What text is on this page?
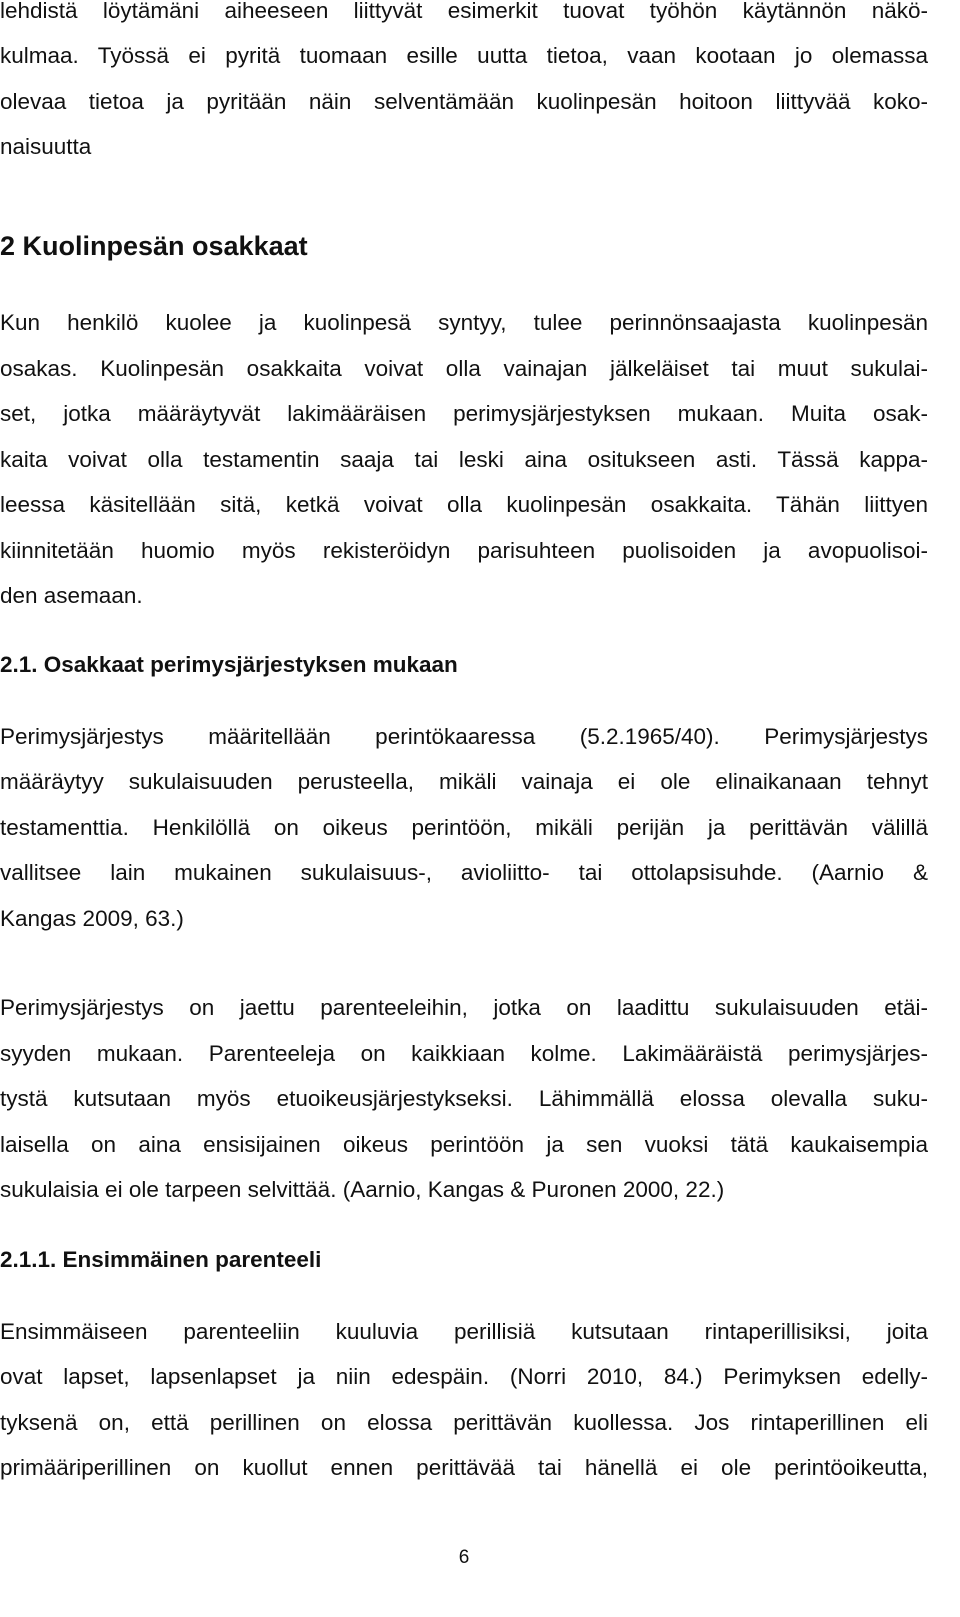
lehdistä löytämäni aiheeseen liittyvät esimerkit tuovat työhön käytännön näkö-
kulmaa. Työssä ei pyritä tuomaan esille uutta tietoa, vaan kootaan jo olemassa
olevaa tietoa ja pyritään näin selventämään kuolinpesän hoitoon liittyvää koko-
naisuutta
2 Kuolinpesän osakkaat
Kun henkilö kuolee ja kuolinpesä syntyy, tulee perinnönsaajasta kuolinpesän
osakas. Kuolinpesän osakkaita voivat olla vainajan jälkeläiset tai muut sukulai-
set, jotka määräytyvät lakimääräisen perimysjärjestyksen mukaan. Muita osak-
kaita voivat olla testamentin saaja tai leski aina ositukseen asti. Tässä kappa-
leessa käsitellään sitä, ketkä voivat olla kuolinpesän osakkaita. Tähän liittyen
kiinnitetään huomio myös rekisteröidyn parisuhteen puolisoiden ja avopuolisoi-
den asemaan.
2.1. Osakkaat perimysjärjestyksen mukaan
Perimysjärjestys määritellään perintökaaressa (5.2.1965/40). Perimysjärjestys
määräytyy sukulaisuuden perusteella, mikäli vainaja ei ole elinaikanaan tehnyt
testamenttia. Henkilöllä on oikeus perintöön, mikäli perijän ja perittävän välillä
vallitsee lain mukainen sukulaisuus-, avioliitto- tai ottolapsisuhde. (Aarnio &
Kangas 2009, 63.)
Perimysjärjestys on jaettu parenteeleihin, jotka on laadittu sukulaisuuden etäi-
syyden mukaan. Parenteeleja on kaikkiaan kolme. Lakimääräistä perimysjärjes-
tystä kutsutaan myös etuoikeusjärjestykseksi. Lähimmällä elossa olevalla suku-
laisella on aina ensisijainen oikeus perintöön ja sen vuoksi tätä kaukaisempia
sukulaisia ei ole tarpeen selvittää. (Aarnio, Kangas & Puronen 2000, 22.)
2.1.1. Ensimmäinen parenteeli
Ensimmäiseen parenteeliin kuuluvia perillisiä kutsutaan rintaperillisiksi, joita
ovat lapset, lapsenlapset ja niin edespäin. (Norri 2010, 84.) Perimyksen edelly-
tyksenä on, että perillinen on elossa perittävän kuollessa. Jos rintaperillinen eli
primääriperillinen on kuollut ennen perittävää tai hänellä ei ole perintöoikeutta,
6
